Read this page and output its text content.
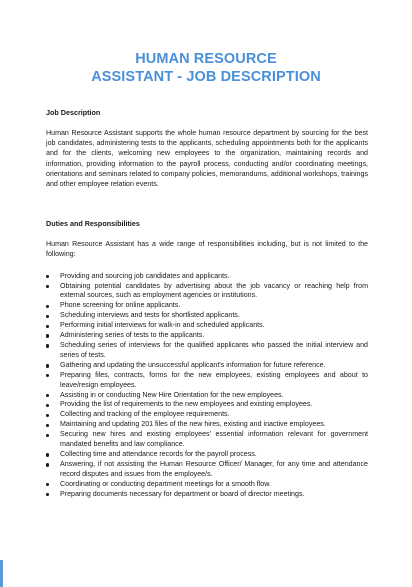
HUMAN RESOURCE
ASSISTANT - JOB DESCRIPTION
Job Description

Human Resource Assistant supports the whole human resource department by sourcing for the best job candidates, administering tests to the applicants, scheduling appointments both for the applicants and for the clients, welcoming new employees to the organization, maintaining records and information, providing information to the payroll process, conducting and/or coordinating meetings, orientations and seminars related to company policies, memorandums, additional workshops, trainings and other employee relation events.

Duties and Responsibilities

Human Resource Assistant has a wide range of responsibilities including, but is not limited to the following:

Providing and sourcing job candidates and applicants.
Obtaining potential candidates by advertising about the job vacancy or reaching help from external sources, such as employment agencies or institutions.
Phone screening for online applicants.
Scheduling interviews and tests for shortlisted applicants.
Performing initial interviews for walk-in and scheduled applicants.
Administering series of tests to the applicants.
Scheduling series of interviews for the qualified applicants who passed the initial interview and series of tests.
Gathering and updating the unsuccessful applicant's information for future reference.
Preparing files, contracts, forms for the new employees, existing employees and about to leave/resign employees.
Assisting in or conducting New Hire Orientation for the new employees.
Providing the list of requirements to the new employees and existing employees.
Collecting and tracking of the employee requirements.
Maintaining and updating 201 files of the new hires, existing and inactive employees.
Securing new hires and existing employees' essential information relevant for government mandated benefits and law compliance.
Collecting time and attendance records for the payroll process.
Answering, if not assisting the Human Resource Officer/ Manager, for any time and attendance record disputes and issues from the employee/s.
Coordinating or conducting department meetings for a smooth flow.
Preparing documents necessary for department or board of director meetings.
